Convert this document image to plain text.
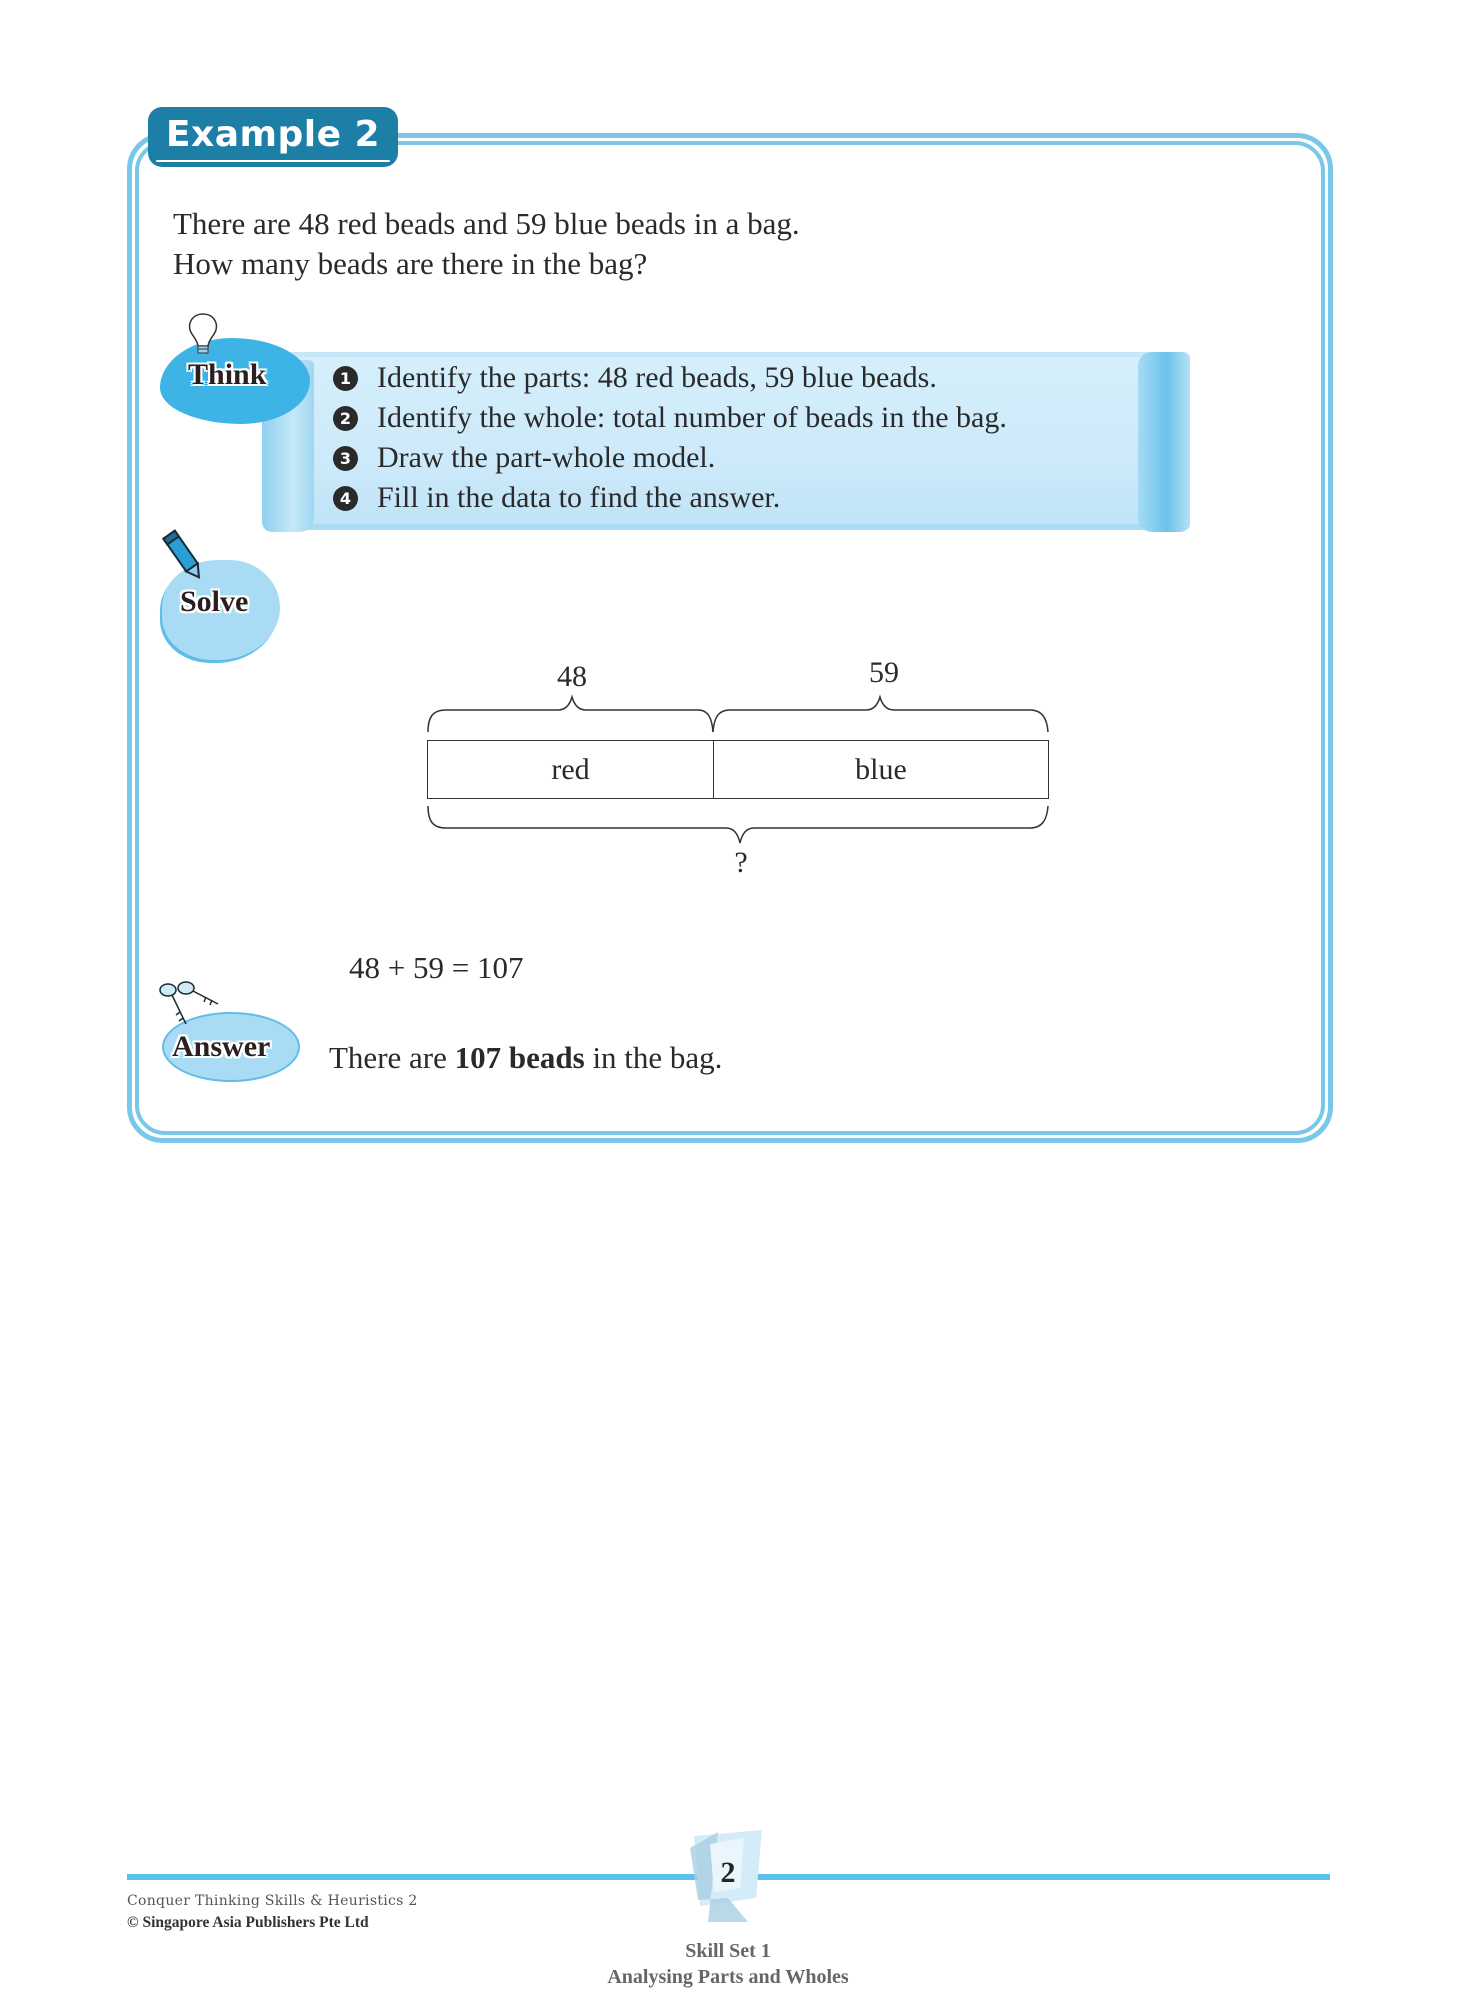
Example 2
There are 48 red beads and 59 blue beads in a bag.
How many beads are there in the bag?
Think	1 Identify the parts: 48 red beads, 59 blue beads.
2 Identify the whole: total number of beads in the bag.
3 Draw the part-whole model.
4 Fill in the data to find the answer.
Solve
48	59
red	blue
?
48 + 59 = 107
Answer There are 107 beads in the bag.
2
Conquer Thinking Skills & Heuristics 2
© Singapore Asia Publishers Pte Ltd
Skill Set 1
Analysing Parts and Wholes
